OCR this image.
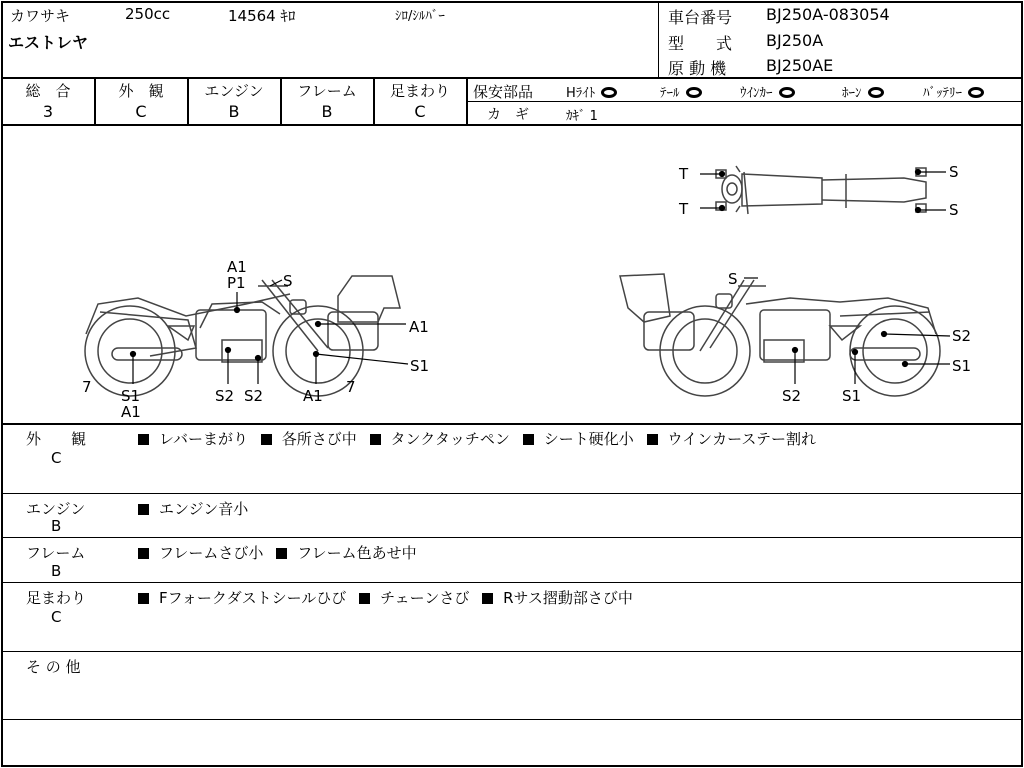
カワサキ	250cc	14564 ｷﾛ	ｼﾛ/ｼﾙﾊﾞｰ
エストレヤ
車台番号 BJ250A-083054
型　　式 BJ250A
原 動 機 BJ250AE
総　合
3
外　観
C
エンジン
B
フレーム
B
足まわり
C
保安部品	Hﾗｲﾄ	ﾃｰﾙ	ｳｲﾝｶｰ	ﾎｰﾝ	ﾊﾞｯﾃﾘｰ
カ　ギ	ｶｷﾞ 1
A1
P1 S
A1
S1
7 S1
A1
S2 S2	A1 7
S
S2
S1
S2	S1
T
T
S
S
外　　観
C
レバーまがり 各所さび中 タンクタッチペン シート硬化小 ウインカーステー割れ
エンジン
B
エンジン音小
フレーム
B
フレームさび小 フレーム色あせ中
足まわり
C
Fフォークダストシールひび チェーンさび Rサス摺動部さび中
そ の 他
